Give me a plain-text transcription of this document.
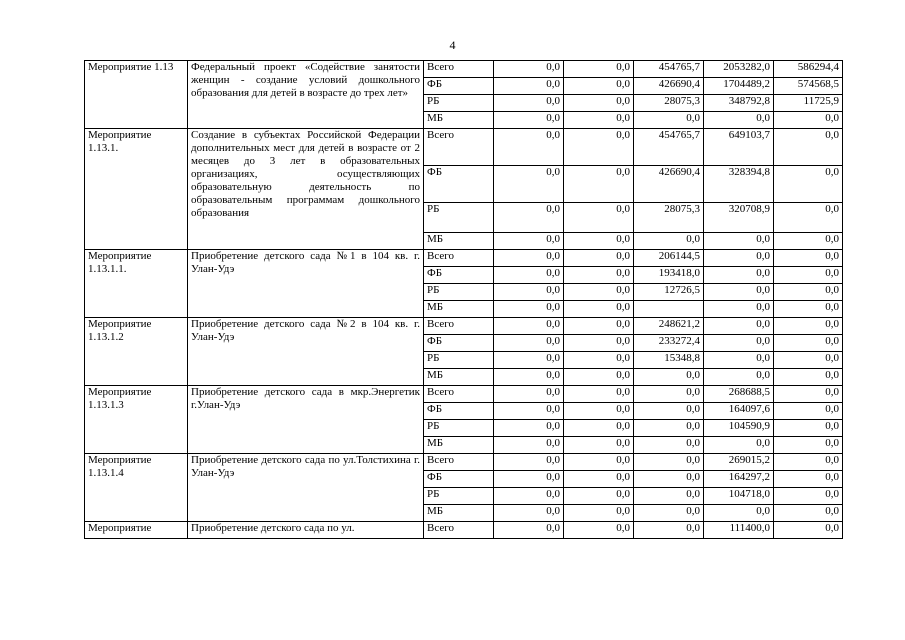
4
Мероприятие 1.13	Федеральный проект «Содействие занятости женщин - создание условий дошкольного образования для детей в возрасте до трех лет»	Всего	0,0	0,0	454765,7	2053282,0	586294,4
		ФБ	0,0	0,0	426690,4	1704489,2	574568,5
		РБ	0,0	0,0	28075,3	348792,8	11725,9
		МБ	0,0	0,0	0,0	0,0	0,0
Мероприятие 1.13.1.	Создание в субъектах Российской Федерации дополнительных мест для детей в возрасте от 2 месяцев до 3 лет в образовательных организациях, осуществляющих образовательную деятельность по образовательным программам дошкольного образования	Всего	0,0	0,0	454765,7	649103,7	0,0
		ФБ	0,0	0,0	426690,4	328394,8	0,0
		РБ	0,0	0,0	28075,3	320708,9	0,0
		МБ	0,0	0,0	0,0	0,0	0,0
Мероприятие 1.13.1.1.	Приобретение детского сада №1 в 104 кв. г. Улан-Удэ	Всего	0,0	0,0	206144,5	0,0	0,0
		ФБ	0,0	0,0	193418,0	0,0	0,0
		РБ	0,0	0,0	12726,5	0,0	0,0
		МБ	0,0	0,0		0,0	0,0
Мероприятие 1.13.1.2	Приобретение детского сада №2 в 104 кв. г. Улан-Удэ	Всего	0,0	0,0	248621,2	0,0	0,0
		ФБ	0,0	0,0	233272,4	0,0	0,0
		РБ	0,0	0,0	15348,8	0,0	0,0
		МБ	0,0	0,0	0,0	0,0	0,0
Мероприятие 1.13.1.3	Приобретение детского сада в мкр.Энергетик г.Улан-Удэ	Всего	0,0	0,0	0,0	268688,5	0,0
		ФБ	0,0	0,0	0,0	164097,6	0,0
		РБ	0,0	0,0	0,0	104590,9	0,0
		МБ	0,0	0,0	0,0	0,0	0,0
Мероприятие 1.13.1.4	Приобретение детского сада по ул.Толстихина г. Улан-Удэ	Всего	0,0	0,0	0,0	269015,2	0,0
		ФБ	0,0	0,0	0,0	164297,2	0,0
		РБ	0,0	0,0	0,0	104718,0	0,0
		МБ	0,0	0,0	0,0	0,0	0,0
Мероприятие	Приобретение детского сада по ул.	Всего	0,0	0,0	0,0	111400,0	0,0
